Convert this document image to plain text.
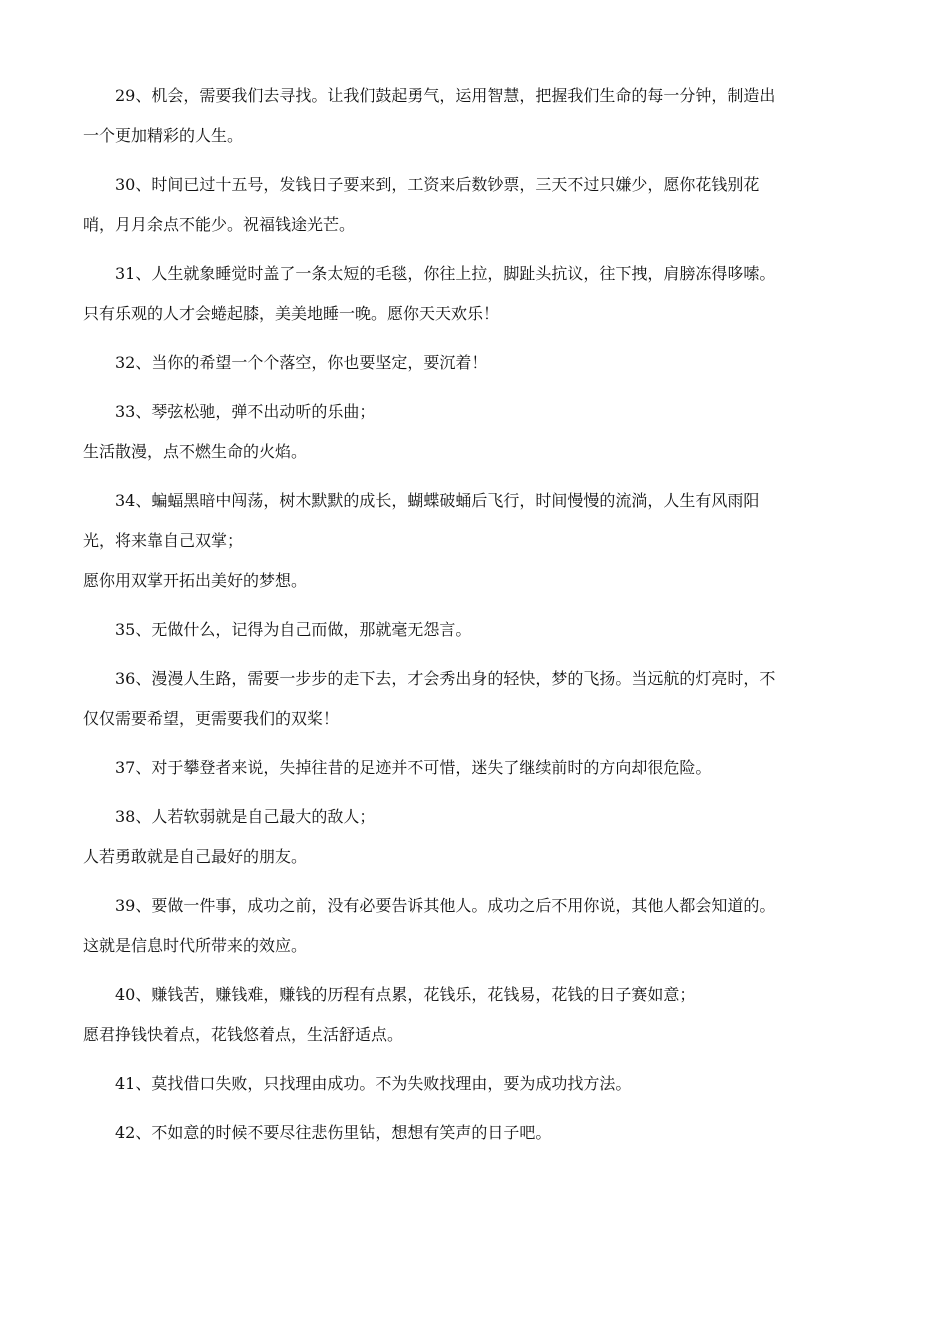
29、机会，需要我们去寻找。让我们鼓起勇气，运用智慧，把握我们生命的每一分钟，制造出
一个更加精彩的人生。
30、时间已过十五号，发钱日子要来到，工资来后数钞票，三天不过只嫌少，愿你花钱别花
哨，月月余点不能少。祝福钱途光芒。
31、人生就象睡觉时盖了一条太短的毛毯，你往上拉，脚趾头抗议，往下拽，肩膀冻得哆嗦。
只有乐观的人才会蜷起膝，美美地睡一晚。愿你天天欢乐！
32、当你的希望一个个落空，你也要坚定，要沉着！
33、琴弦松驰，弹不出动听的乐曲；
生活散漫，点不燃生命的火焰。
34、蝙蝠黑暗中闯荡，树木默默的成长，蝴蝶破蛹后飞行，时间慢慢的流淌，人生有风雨阳
光，将来靠自己双掌；
愿你用双掌开拓出美好的梦想。
35、无做什么，记得为自己而做，那就毫无怨言。
36、漫漫人生路，需要一步步的走下去，才会秀出身的轻快，梦的飞扬。当远航的灯亮时，不
仅仅需要希望，更需要我们的双桨！
37、对于攀登者来说，失掉往昔的足迹并不可惜，迷失了继续前时的方向却很危险。
38、人若软弱就是自己最大的敌人；
人若勇敢就是自己最好的朋友。
39、要做一件事，成功之前，没有必要告诉其他人。成功之后不用你说，其他人都会知道的。
这就是信息时代所带来的效应。
40、赚钱苦，赚钱难，赚钱的历程有点累，花钱乐，花钱易，花钱的日子赛如意；
愿君挣钱快着点，花钱悠着点，生活舒适点。
41、莫找借口失败，只找理由成功。不为失败找理由，要为成功找方法。
42、不如意的时候不要尽往悲伤里钻，想想有笑声的日子吧。
